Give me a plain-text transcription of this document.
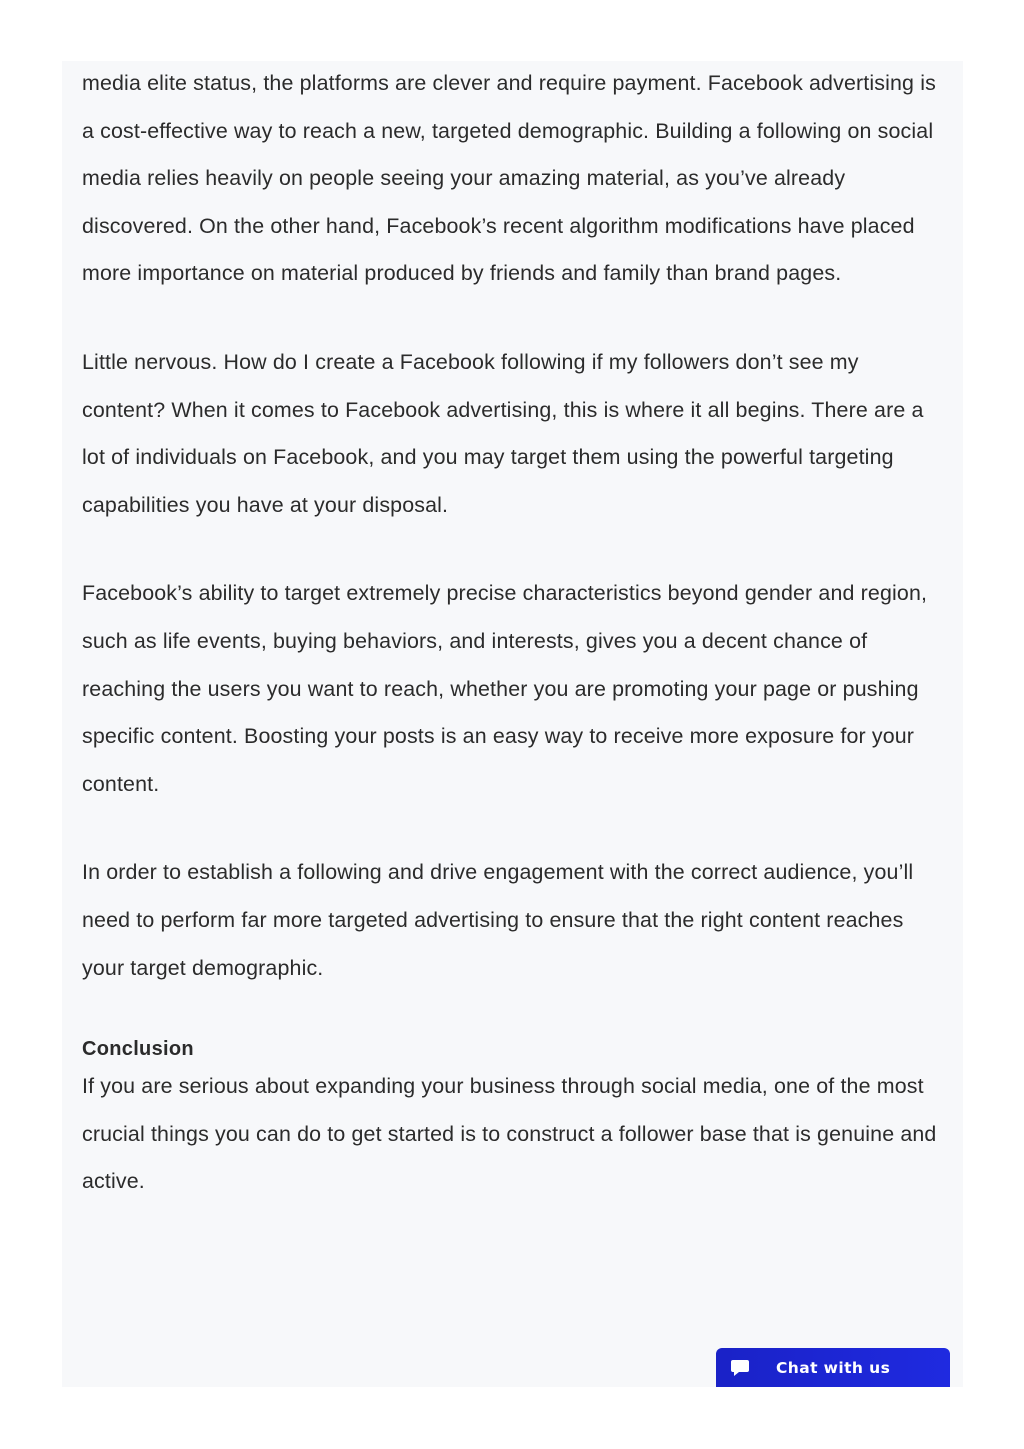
media elite status, the platforms are clever and require payment. Facebook advertising is a cost-effective way to reach a new, targeted demographic. Building a following on social media relies heavily on people seeing your amazing material, as you’ve already discovered. On the other hand, Facebook’s recent algorithm modifications have placed more importance on material produced by friends and family than brand pages.

Little nervous. How do I create a Facebook following if my followers don’t see my content? When it comes to Facebook advertising, this is where it all begins. There are a lot of individuals on Facebook, and you may target them using the powerful targeting capabilities you have at your disposal.

Facebook’s ability to target extremely precise characteristics beyond gender and region, such as life events, buying behaviors, and interests, gives you a decent chance of reaching the users you want to reach, whether you are promoting your page or pushing specific content. Boosting your posts is an easy way to receive more exposure for your content.

In order to establish a following and drive engagement with the correct audience, you’ll need to perform far more targeted advertising to ensure that the right content reaches your target demographic.

Conclusion

If you are serious about expanding your business through social media, one of the most crucial things you can do to get started is to construct a follower base that is genuine and active.

Chat with us
